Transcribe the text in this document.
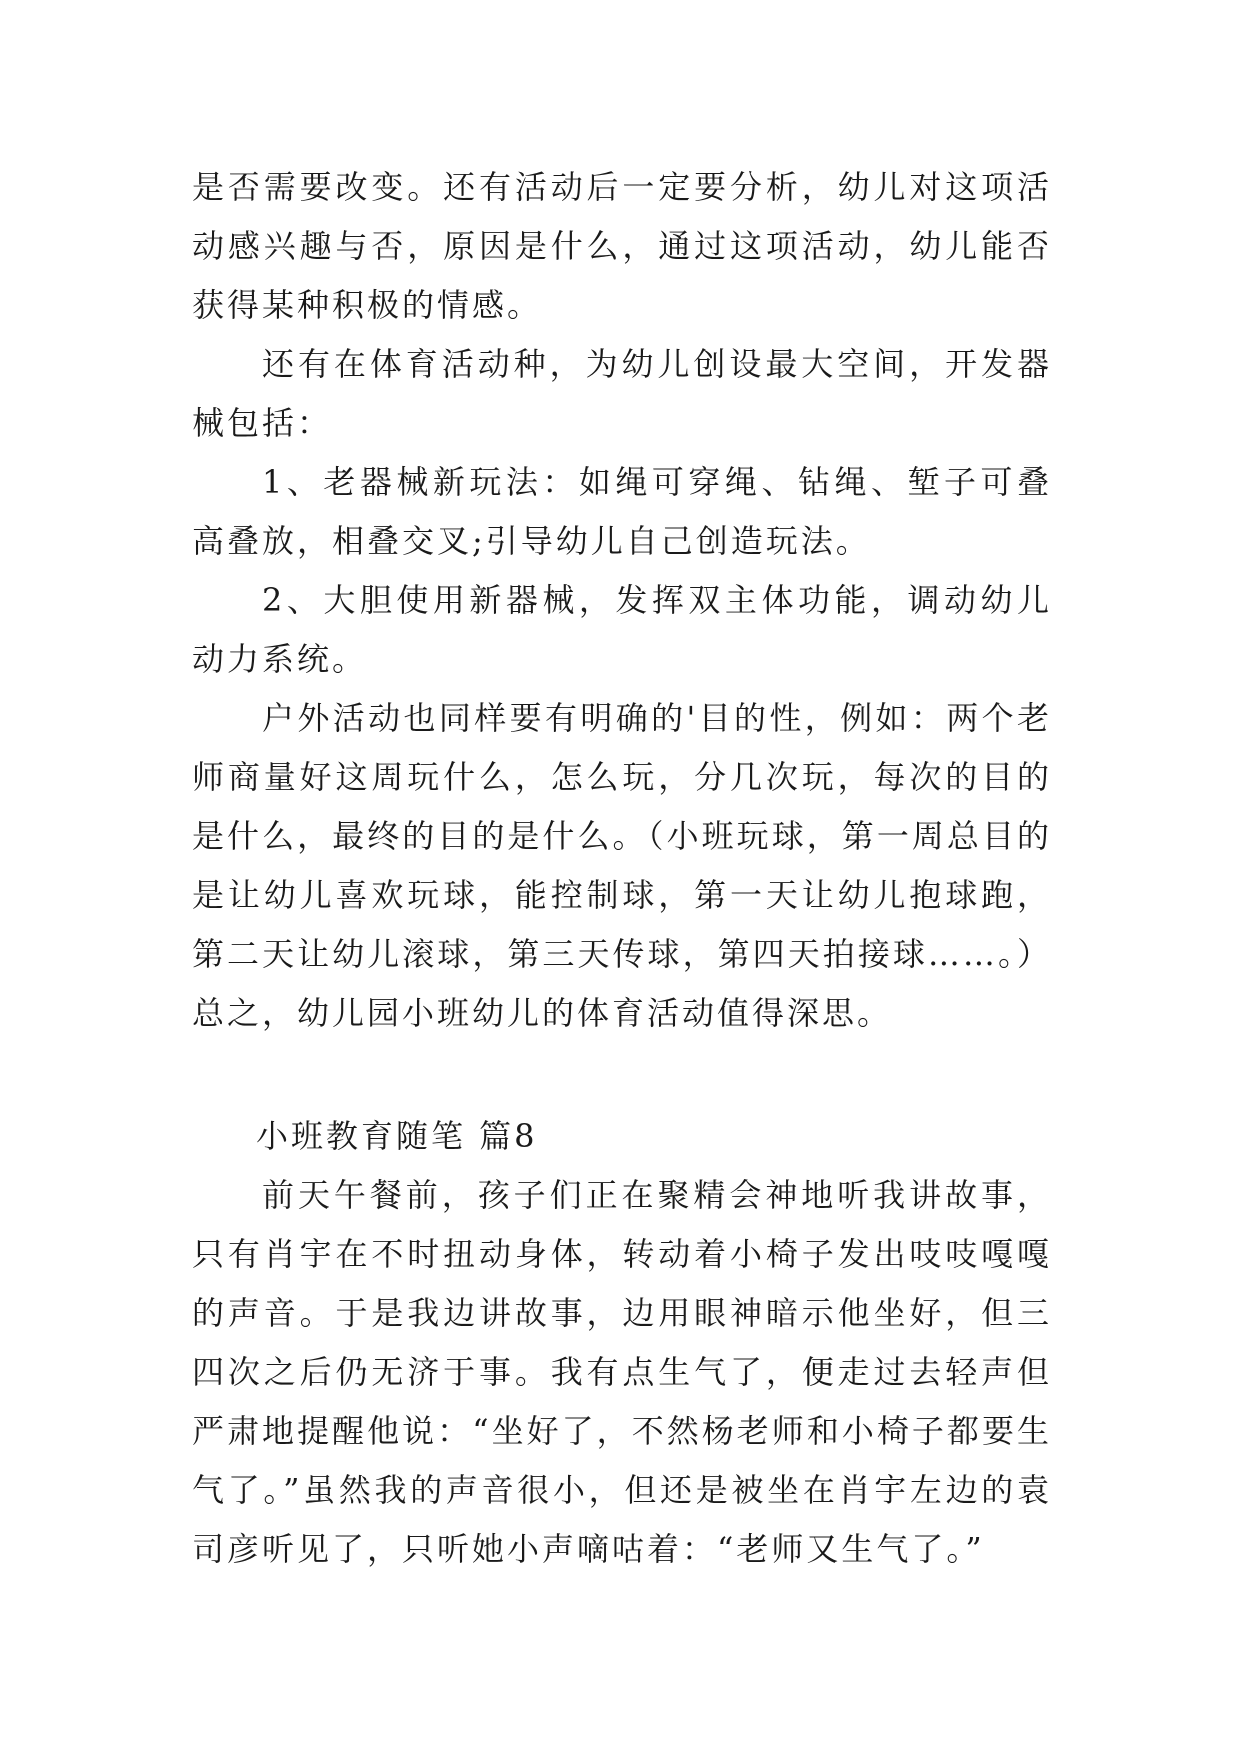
是否需要改变。还有活动后一定要分析，幼儿对这项活动感兴趣与否，原因是什么，通过这项活动，幼儿能否获得某种积极的情感。

还有在体育活动种，为幼儿创设最大空间，开发器械包括：

1、老器械新玩法：如绳可穿绳、钻绳、堑子可叠高叠放，相叠交叉;引导幼儿自己创造玩法。

2、大胆使用新器械，发挥双主体功能，调动幼儿动力系统。

户外活动也同样要有明确的'目的性，例如：两个老师商量好这周玩什么，怎么玩，分几次玩，每次的目的是什么，最终的目的是什么。（小班玩球，第一周总目的是让幼儿喜欢玩球，能控制球，第一天让幼儿抱球跑，第二天让幼儿滚球，第三天传球，第四天拍接球……。）总之，幼儿园小班幼儿的体育活动值得深思。

小班教育随笔 篇8

前天午餐前，孩子们正在聚精会神地听我讲故事，只有肖宇在不时扭动身体，转动着小椅子发出吱吱嘎嘎的声音。于是我边讲故事，边用眼神暗示他坐好，但三四次之后仍无济于事。我有点生气了，便走过去轻声但严肃地提醒他说：“坐好了，不然杨老师和小椅子都要生气了。”虽然我的声音很小，但还是被坐在肖宇左边的袁司彦听见了，只听她小声嘀咕着：“老师又生气了。”
